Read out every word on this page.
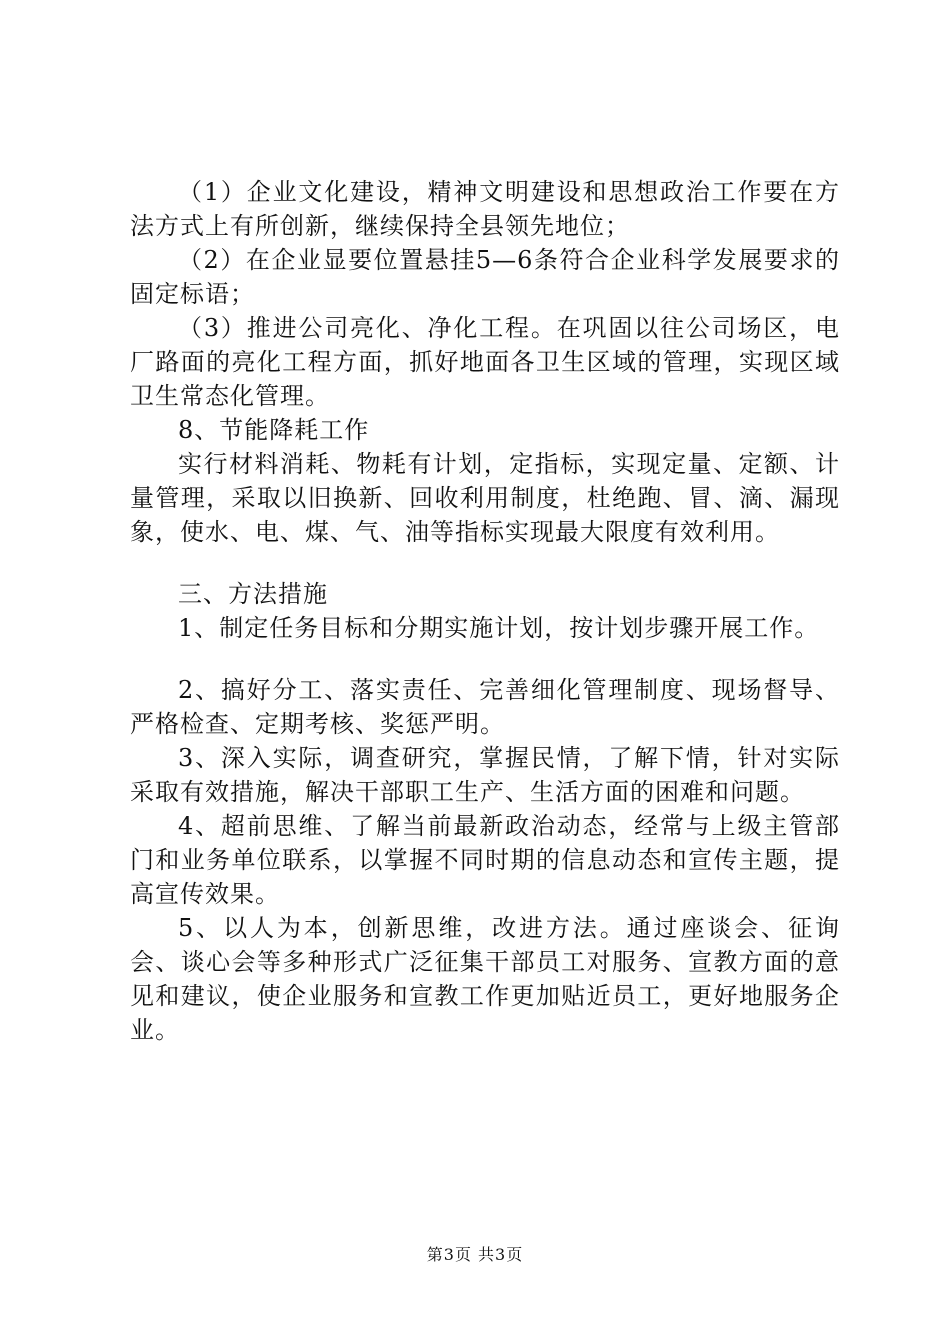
（1）企业文化建设，精神文明建设和思想政治工作要在方法方式上有所创新，继续保持全县领先地位；

（2）在企业显要位置悬挂5—6条符合企业科学发展要求的固定标语；

（3）推进公司亮化、净化工程。在巩固以往公司场区，电厂路面的亮化工程方面，抓好地面各卫生区域的管理，实现区域卫生常态化管理。

8、节能降耗工作

实行材料消耗、物耗有计划，定指标，实现定量、定额、计量管理，采取以旧换新、回收利用制度，杜绝跑、冒、滴、漏现象，使水、电、煤、气、油等指标实现最大限度有效利用。

三、方法措施

1、制定任务目标和分期实施计划，按计划步骤开展工作。

2、搞好分工、落实责任、完善细化管理制度、现场督导、严格检查、定期考核、奖惩严明。

3、深入实际，调查研究，掌握民情，了解下情，针对实际采取有效措施，解决干部职工生产、生活方面的困难和问题。

4、超前思维、了解当前最新政治动态，经常与上级主管部门和业务单位联系，以掌握不同时期的信息动态和宣传主题，提高宣传效果。

5、以人为本，创新思维，改进方法。通过座谈会、征询会、谈心会等多种形式广泛征集干部员工对服务、宣教方面的意见和建议，使企业服务和宣教工作更加贴近员工，更好地服务企业。

第3页 共3页
